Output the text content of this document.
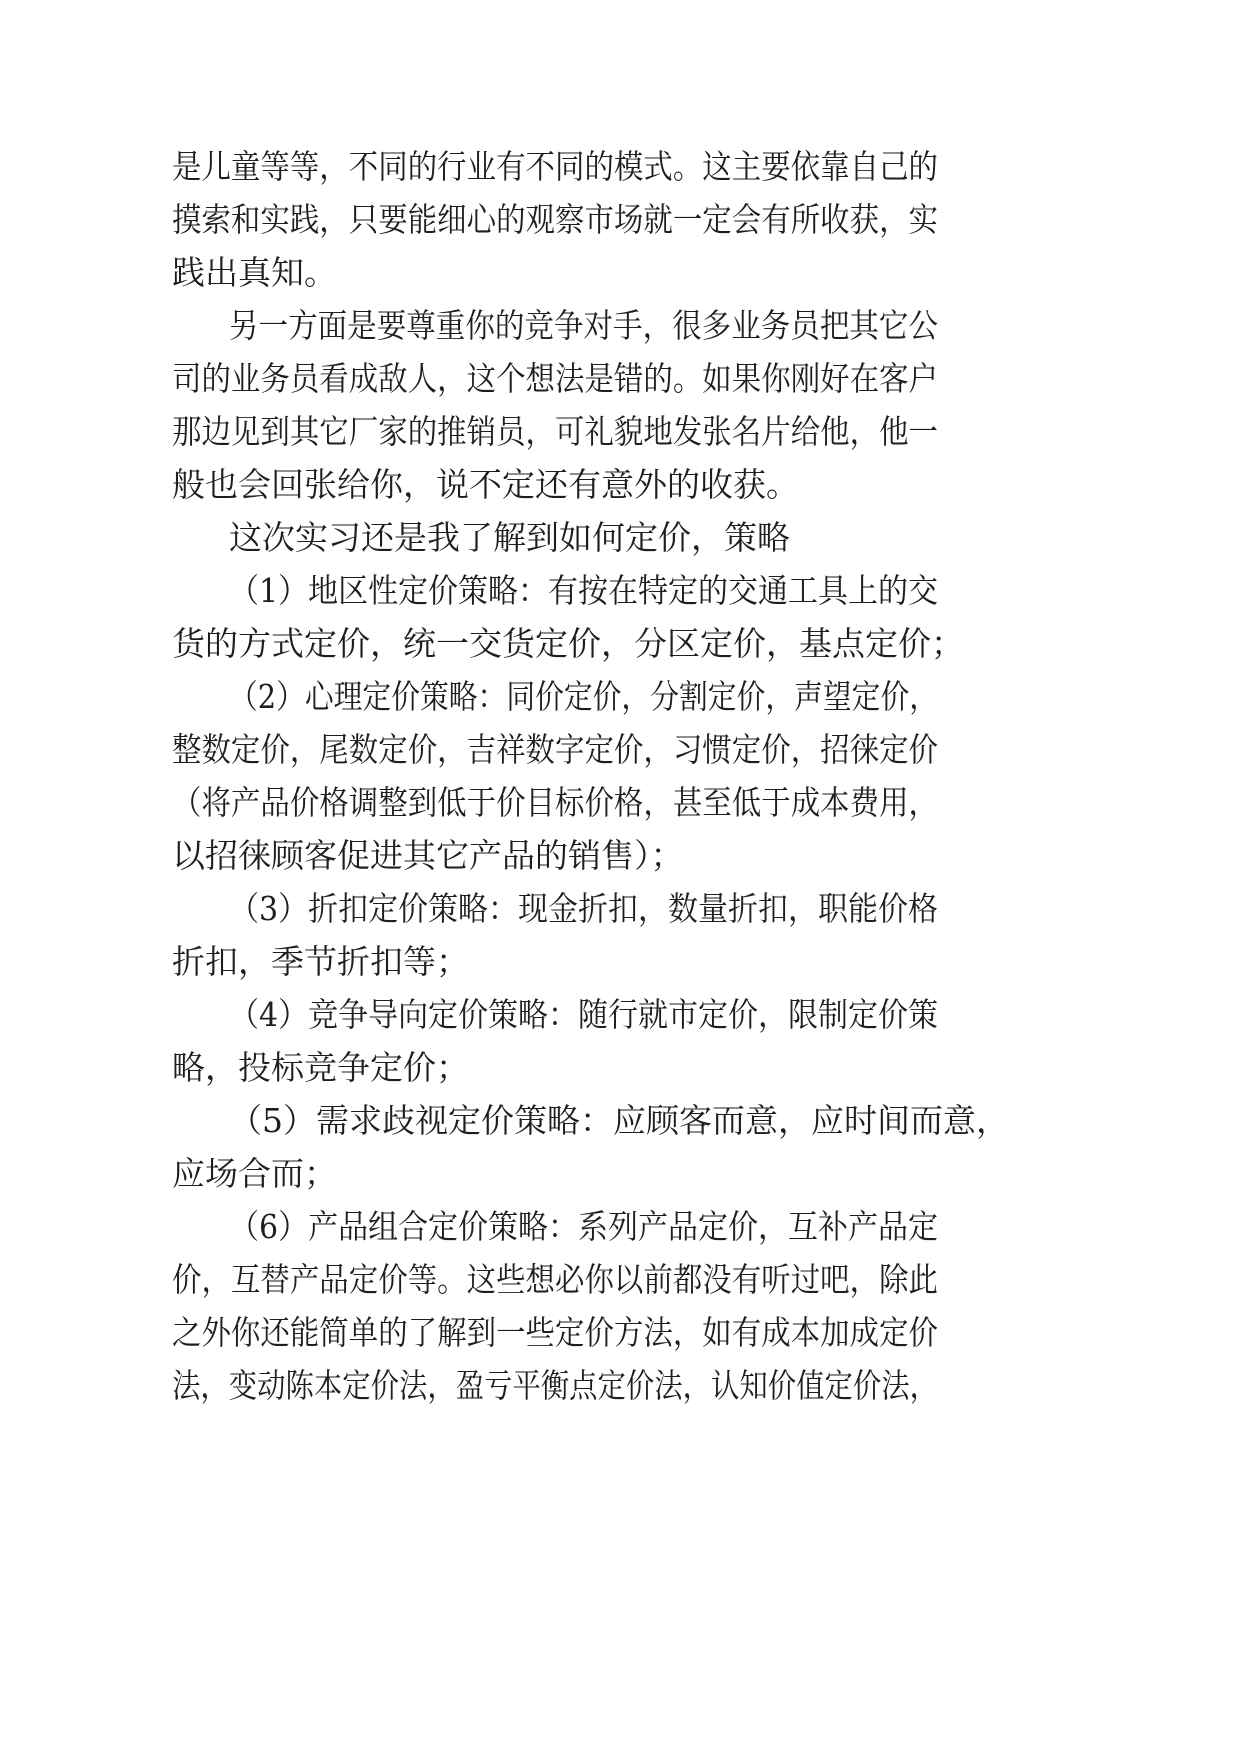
是儿童等等，不同的行业有不同的模式。这主要依靠自己的
摸索和实践，只要能细心的观察市场就一定会有所收获，实
践出真知。
另一方面是要尊重你的竞争对手，很多业务员把其它公
司的业务员看成敌人，这个想法是错的。如果你刚好在客户
那边见到其它厂家的推销员，可礼貌地发张名片给他，他一
般也会回张给你，说不定还有意外的收获。
这次实习还是我了解到如何定价，策略
（1）地区性定价策略：有按在特定的交通工具上的交
货的方式定价，统一交货定价，分区定价，基点定价；
（2）心理定价策略：同价定价，分割定价，声望定价，
整数定价，尾数定价，吉祥数字定价，习惯定价，招徕定价
（将产品价格调整到低于价目标价格，甚至低于成本费用，
以招徕顾客促进其它产品的销售）；
（3）折扣定价策略：现金折扣，数量折扣，职能价格
折扣，季节折扣等；
（4）竞争导向定价策略：随行就市定价，限制定价策
略，投标竞争定价；
（5）需求歧视定价策略：应顾客而意，应时间而意，
应场合而；
（6）产品组合定价策略：系列产品定价，互补产品定
价，互替产品定价等。这些想必你以前都没有听过吧，除此
之外你还能简单的了解到一些定价方法，如有成本加成定价
法，变动陈本定价法，盈亏平衡点定价法，认知价值定价法，
